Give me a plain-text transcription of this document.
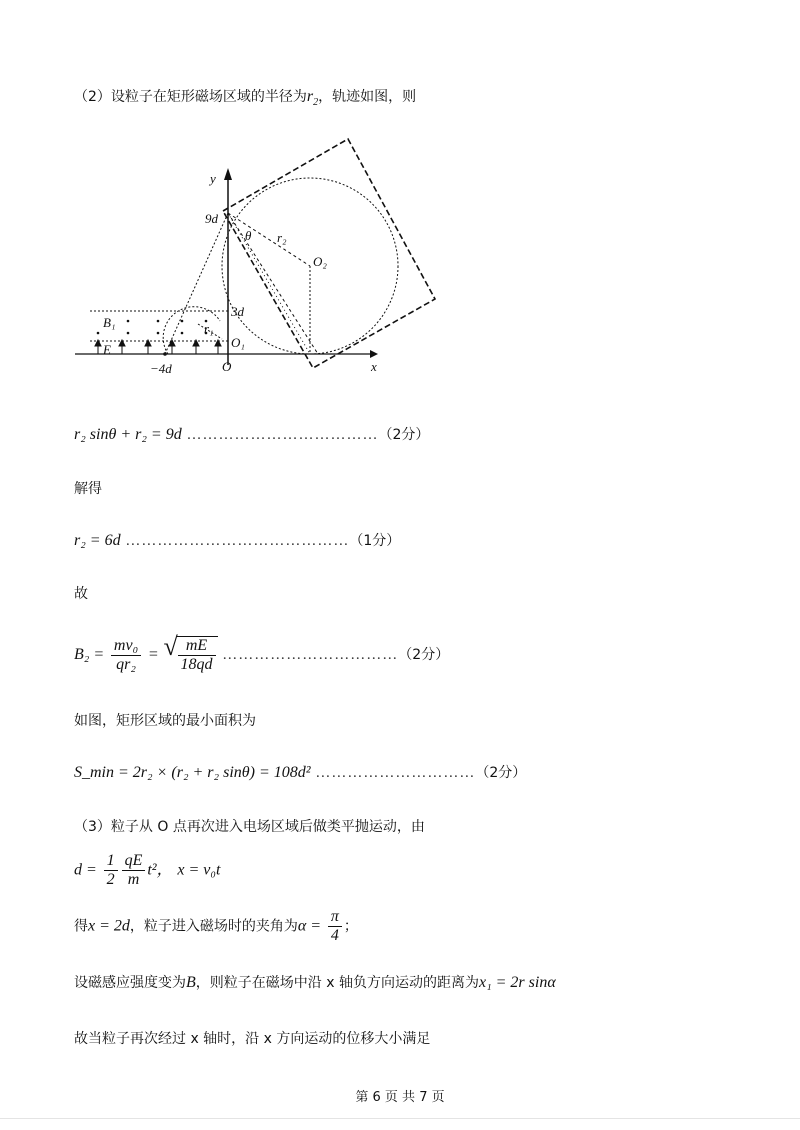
（2）设粒子在矩形磁场区域的半径为$r_2$，轨迹如图，则
y
x
O
9d
3d
−4d
θ r₂
O₂
O₁
r₁
B₁
E
r₂ sinθ + r₂ = 9d ………………………………（2分）
解得
r₂ = 6d ……………………………………（1分）
故
$B_2 = \frac{\text{mv₀}}{\text{qr₂}}$ = √ $\frac{mE}{18qd}$ ……………………………（2分）
如图，矩形区域的最小面积为
S_min = 2r₂ × (r₂ + r₂ sinθ) = 108d² …………………………（2分）
（3）粒子从 O 点再次进入电场区域后做类平抛运动，由
$d = \frac{1}{2} \frac{qE}{m} t^2$， x = v₀t
得x = 2d，粒子进入磁场时的夹角为$\alpha = \frac{\pi}{4}$ ；
设磁感应强度变为B，则粒子在磁场中沿 x 轴负方向运动的距离为x₁ = 2r sinα
故当粒子再次经过 x 轴时，沿 x 方向运动的位移大小满足
第 6 页 共 7 页
